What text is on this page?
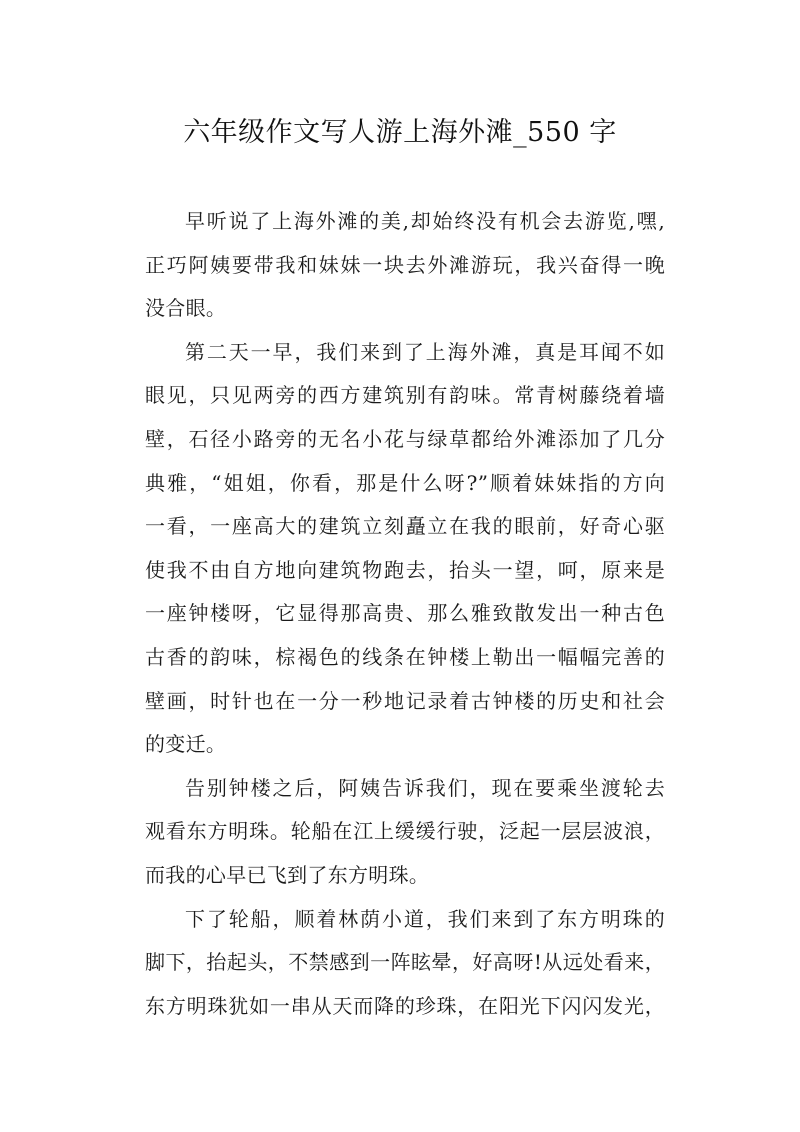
六年级作文写人游上海外滩_550 字
早听说了上海外滩的美,却始终没有机会去游览,嘿,
正巧阿姨要带我和妹妹一块去外滩游玩，我兴奋得一晚
没合眼。
第二天一早，我们来到了上海外滩，真是耳闻不如
眼见，只见两旁的西方建筑别有韵味。常青树藤绕着墙
壁，石径小路旁的无名小花与绿草都给外滩添加了几分
典雅，“姐姐，你看，那是什么呀?”顺着妹妹指的方向
一看，一座高大的建筑立刻矗立在我的眼前，好奇心驱
使我不由自方地向建筑物跑去，抬头一望，呵，原来是
一座钟楼呀，它显得那高贵、那么雅致散发出一种古色
古香的韵味，棕褐色的线条在钟楼上勒出一幅幅完善的
壁画，时针也在一分一秒地记录着古钟楼的历史和社会
的变迁。
告别钟楼之后，阿姨告诉我们，现在要乘坐渡轮去
观看东方明珠。轮船在江上缓缓行驶，泛起一层层波浪，
而我的心早已飞到了东方明珠。
下了轮船，顺着林荫小道，我们来到了东方明珠的
脚下，抬起头，不禁感到一阵眩晕，好高呀!从远处看来，
东方明珠犹如一串从天而降的珍珠，在阳光下闪闪发光，
